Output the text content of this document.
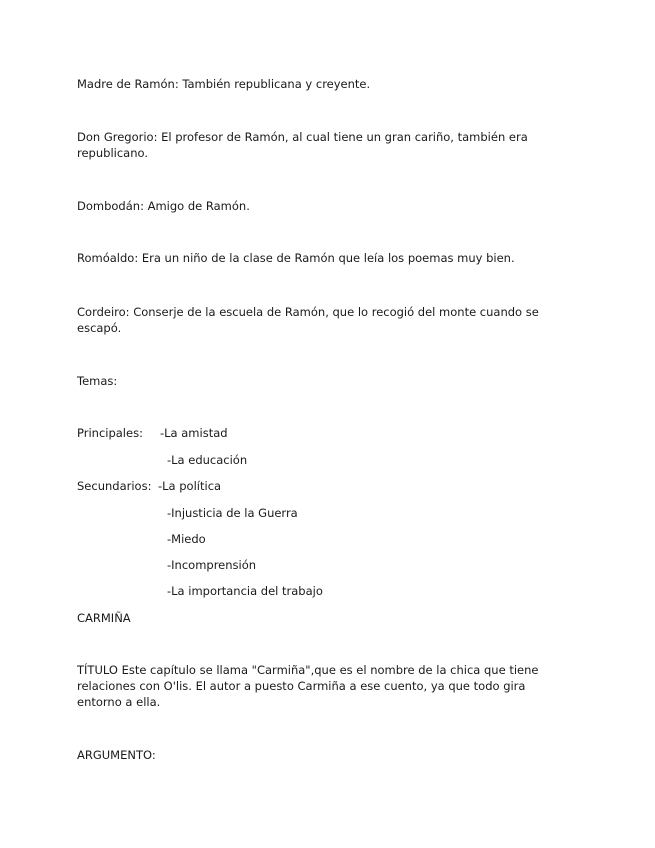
Madre de Ramón: También republicana y creyente.
Don Gregorio: El profesor de Ramón, al cual tiene un gran cariño, también era republicano.
Dombodán: Amigo de Ramón.
Romóaldo: Era un niño de la clase de Ramón que leía los poemas muy bien.
Cordeiro: Conserje de la escuela de Ramón, que lo recogió del monte cuando se escapó.
Temas:
Principales: -La amistad
-La educación
Secundarios: -La política
-Injusticia de la Guerra
-Miedo
-Incomprensión
-La importancia del trabajo
CARMIÑA
TÍTULO Este capítulo se llama "Carmiña",que es el nombre de la chica que tiene relaciones con O'lis. El autor a puesto Carmiña a ese cuento, ya que todo gira entorno a ella.
ARGUMENTO:
